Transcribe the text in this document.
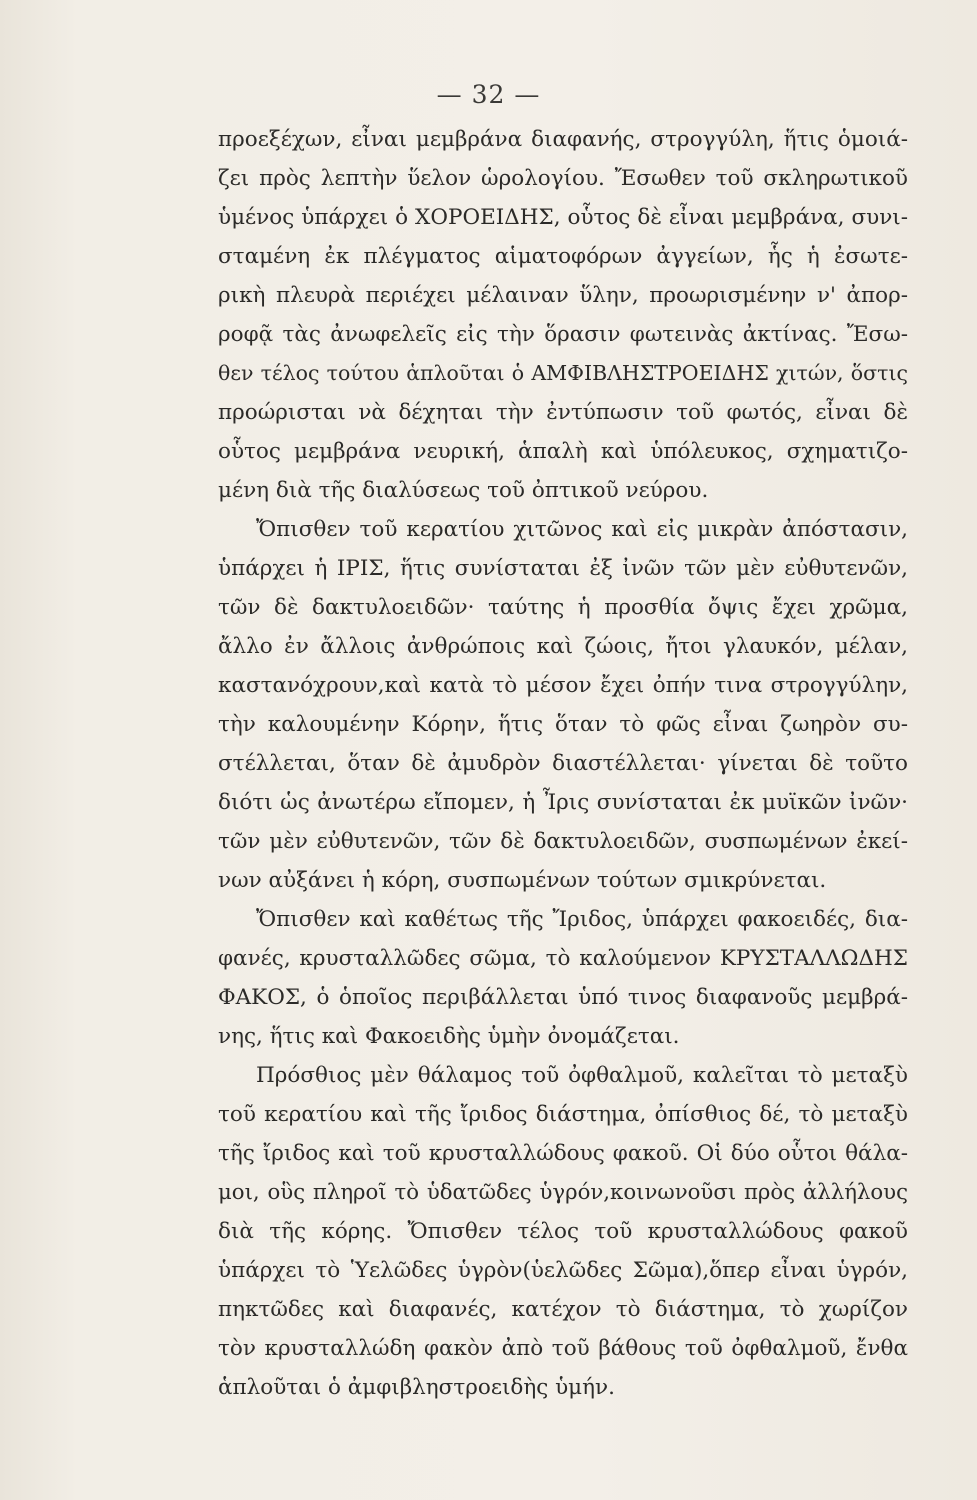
— 32 —
προεξέχων, εἶναι μεμβράνα διαφανής, στρογγύλη, ἥτις ὁμοιά-
ζει πρὸς λεπτὴν ὕελον ὡρολογίου. Ἔσωθεν τοῦ σκληρωτικοῦ
ὑμένος ὑπάρχει ὁ ΧΟΡΟΕΙΔΗΣ, οὗτος δὲ εἶναι μεμβράνα, συνι-
σταμένη ἐκ πλέγματος αἱματοφόρων ἀγγείων, ἧς ἡ ἐσωτε-
ρικὴ πλευρὰ περιέχει μέλαιναν ὕλην, προωρισμένην ν' ἀπορ-
ροφᾷ τὰς ἀνωφελεῖς εἰς τὴν ὅρασιν φωτεινὰς ἀκτίνας. Ἔσω-
θεν τέλος τούτου ἁπλοῦται ὁ ΑΜΦΙΒΛΗΣΤΡΟΕΙΔΗΣ χιτών, ὅστις
προώρισται νὰ δέχηται τὴν ἐντύπωσιν τοῦ φωτός, εἶναι δὲ
οὗτος μεμβράνα νευρική, ἁπαλὴ καὶ ὑπόλευκος, σχηματιζο-
μένη διὰ τῆς διαλύσεως τοῦ ὀπτικοῦ νεύρου.
Ὄπισθεν τοῦ κερατίου χιτῶνος καὶ εἰς μικρὰν ἀπόστασιν,
ὑπάρχει ἡ ΙΡΙΣ, ἥτις συνίσταται ἐξ ἰνῶν τῶν μὲν εὐθυτενῶν,
τῶν δὲ δακτυλοειδῶν· ταύτης ἡ προσθία ὄψις ἔχει χρῶμα,
ἄλλο ἐν ἄλλοις ἀνθρώποις καὶ ζώοις, ἤτοι γλαυκόν, μέλαν,
καστανόχρουν,καὶ κατὰ τὸ μέσον ἔχει ὀπήν τινα στρογγύλην,
τὴν καλουμένην Κόρην, ἥτις ὅταν τὸ φῶς εἶναι ζωηρὸν συ-
στέλλεται, ὅταν δὲ ἀμυδρὸν διαστέλλεται· γίνεται δὲ τοῦτο
διότι ὡς ἀνωτέρω εἴπομεν, ἡ Ἶρις συνίσταται ἐκ μυϊκῶν ἰνῶν·
τῶν μὲν εὐθυτενῶν, τῶν δὲ δακτυλοειδῶν, συσπωμένων ἐκεί-
νων αὐξάνει ἡ κόρη, συσπωμένων τούτων σμικρύνεται.
Ὄπισθεν καὶ καθέτως τῆς Ἴριδος, ὑπάρχει φακοειδές, δια-
φανές, κρυσταλλῶδες σῶμα, τὸ καλούμενον ΚΡΥΣΤΑΛΛΩΔΗΣ
ΦΑΚΟΣ, ὁ ὁποῖος περιβάλλεται ὑπό τινος διαφανοῦς μεμβρά-
νης, ἥτις καὶ Φακοειδὴς ὑμὴν ὀνομάζεται.
Πρόσθιος μὲν θάλαμος τοῦ ὀφθαλμοῦ, καλεῖται τὸ μεταξὺ
τοῦ κερατίου καὶ τῆς ἴριδος διάστημα, ὀπίσθιος δέ, τὸ μεταξὺ
τῆς ἴριδος καὶ τοῦ κρυσταλλώδους φακοῦ. Οἱ δύο οὗτοι θάλα-
μοι, οὓς πληροῖ τὸ ὑδατῶδες ὑγρόν,κοινωνοῦσι πρὸς ἀλλήλους
διὰ τῆς κόρης. Ὄπισθεν τέλος τοῦ κρυσταλλώδους φακοῦ
ὑπάρχει τὸ Ὑελῶδες ὑγρὸν(ὑελῶδες Σῶμα),ὅπερ εἶναι ὑγρόν,
πηκτῶδες καὶ διαφανές, κατέχον τὸ διάστημα, τὸ χωρίζον
τὸν κρυσταλλώδη φακὸν ἀπὸ τοῦ βάθους τοῦ ὀφθαλμοῦ, ἔνθα
ἁπλοῦται ὁ ἀμφιβληστροειδὴς ὑμήν.
